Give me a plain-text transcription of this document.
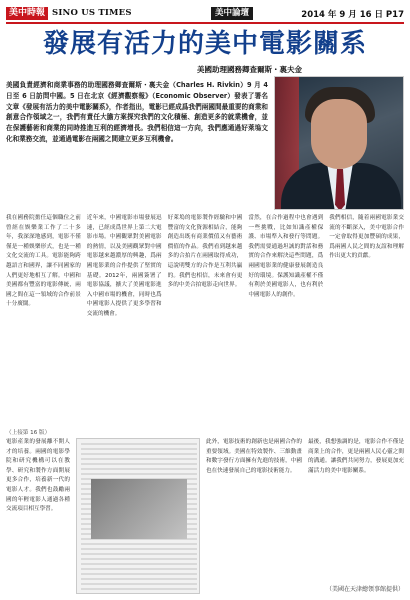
美中時報 SINO US TIMES	美中論壇	2014 年 9 月 16 日 P17
發展有活力的美中電影關系
美國助理國務卿查爾斯・裏夫金
美國負責經濟和商業事務的助理國務卿查爾斯・裏夫金（Charles H. Rivkin）9 月 4 日至 6 日訪問中國。5 日在北京《經濟觀察報》（Economic Observer）發表了署名文章《發展有活力的美中電影關系》，作者指出，電影已經成爲我們兩國間最重要的商業和創意合作領域之一，我們有責任大膽方案探究我們的文化積極、創造更多的就業機會，並在保護藝術和商業的同時推進互利的經濟增長。我們相信這一方向，我們應通過好萊塢文化和業務交流，並通過電影在兩國之間建立更多互利機會。
我在國務院擔任這個職位之前曾經在娛樂業工作了二十多年，我深深地感到，電影不僅僅是一種娛樂形式，也是一種文化交流的工具。電影能夠跨越語言和國界，讓不同國家的人們更好地相互了解。中國和美國都有豐富的電影傳統，兩國之間在這一領域的合作前景十分廣闊。
近年來，中國電影市場發展迅速，已經成爲世界上第二大電影市場。中國觀眾對美國電影的熱情，以及美國觀眾對中國電影越來越濃厚的興趣，爲兩國電影業的合作提供了堅實的基礎。2012年，兩國簽署了電影協議，擴大了美國電影進入中國市場的機會，同時也爲中國電影人提供了更多學習和交流的機會。
好萊塢的電影製作經驗和中國豐富的文化資源相結合，能夠創造出既有商業價值又有藝術價值的作品。我們看到越來越多的合拍片在兩國取得成功，這說明雙方的合作是互利共贏的。我們也相信，未來會有更多的中美合拍電影走向世界。
當然，在合作過程中也會遇到一些挑戰，比如知識產權保護、市場準入和發行等問題。我們需要通過坦誠的對話和務實的合作來解決這些問題，爲兩國電影業的健康發展創造良好的環境。保護知識產權不僅有利於美國電影人，也有利於中國電影人的創作。
我們相信，隨着兩國電影業交流的不斷深入，美中電影合作一定會取得更加豐碩的成果，爲兩國人民之間的友誼和理解作出更大的貢獻。
（上接第 16 版）
電影產業的發展離不開人才的培養。兩國的電影學院和研究機構可以在教學、研究和製作方面開展更多合作，培養新一代的電影人才。我們也鼓勵兩國的年輕電影人通過各種交流項目相互學習。
此外，電影技術的創新也是兩國合作的重要領域。美國在特效製作、三維動畫和數字發行方面擁有先進的技術，中國也在快速發展自己的電影技術能力。
最後，我想強調的是，電影合作不僅是商業上的合作，更是兩國人民心靈之間的溝通。讓我們共同努力，發展更加充滿活力的美中電影關系。
（美國在天津總領事館提供）
